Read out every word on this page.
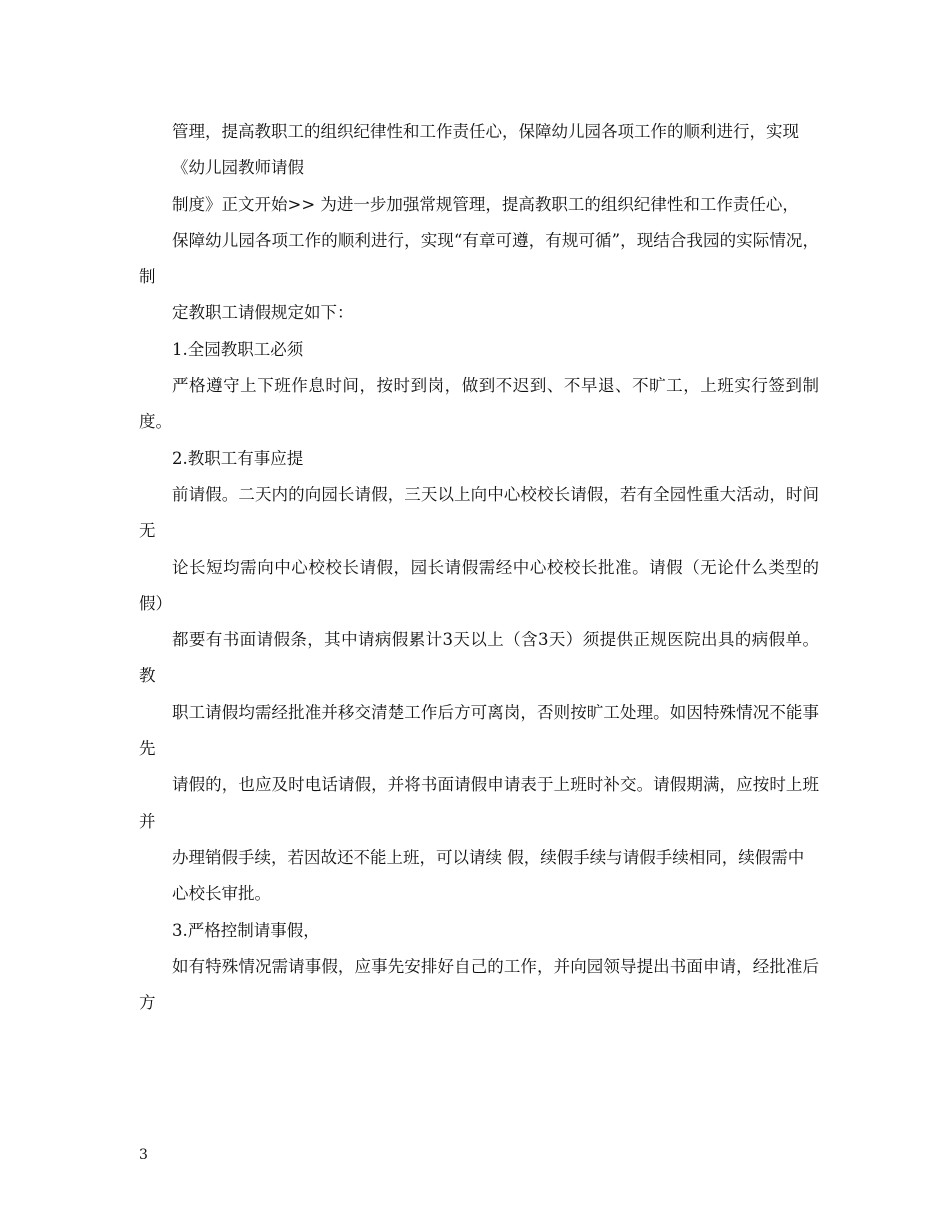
管理，提高教职工的组织纪律性和工作责任心，保障幼儿园各项工作的顺利进行，实现

《幼儿园教师请假

制度》正文开始>> 为进一步加强常规管理，提高教职工的组织纪律性和工作责任心，

保障幼儿园各项工作的顺利进行，实现“有章可遵，有规可循”，现结合我园的实际情况，制

定教职工请假规定如下：

1.全园教职工必须

严格遵守上下班作息时间，按时到岗，做到不迟到、不早退、不旷工，上班实行签到制度。

2.教职工有事应提

前请假。二天内的向园长请假，三天以上向中心校校长请假，若有全园性重大活动，时间无

论长短均需向中心校校长请假，园长请假需经中心校校长批准。请假（无论什么类型的假）

都要有书面请假条，其中请病假累计3天以上（含3天）须提供正规医院出具的病假单。教

职工请假均需经批准并移交清楚工作后方可离岗，否则按旷工处理。如因特殊情况不能事先

请假的，也应及时电话请假，并将书面请假申请表于上班时补交。请假期满，应按时上班并

办理销假手续，若因故还不能上班，可以请续 假，续假手续与请假手续相同，续假需中

心校长审批。

3.严格控制请事假，

如有特殊情况需请事假，应事先安排好自己的工作，并向园领导提出书面申请，经批准后方

3
